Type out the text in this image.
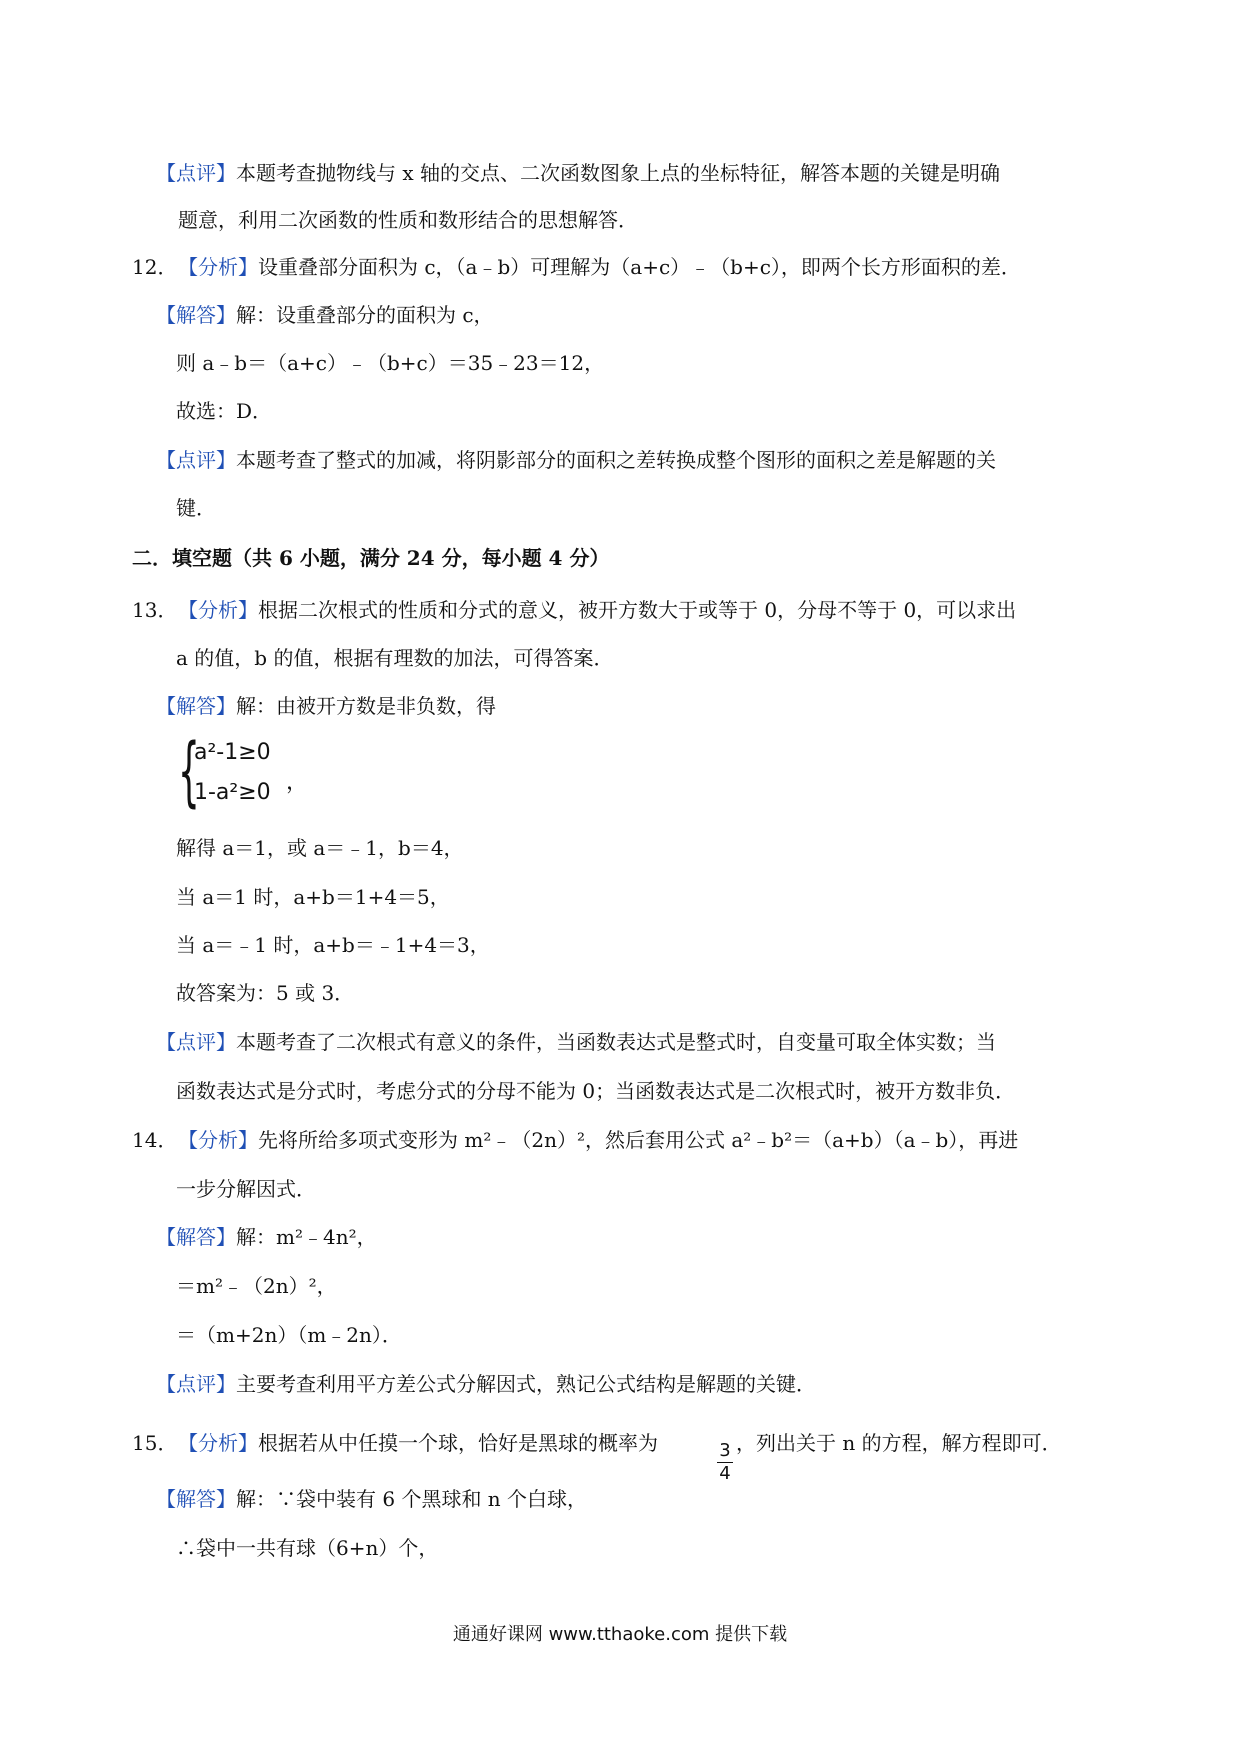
【点评】本题考查抛物线与 x 轴的交点、二次函数图象上点的坐标特征，解答本题的关键是明确
题意，利用二次函数的性质和数形结合的思想解答．
12． 【分析】设重叠部分面积为 c，（a﹣b）可理解为（a+c）﹣（b+c），即两个长方形面积的差．
【解答】解：设重叠部分的面积为 c，
则 a﹣b＝（a+c）﹣（b+c）＝35﹣23＝12，
故选：D．
【点评】本题考查了整式的加减，将阴影部分的面积之差转换成整个图形的面积之差是解题的关
键．
二．填空题（共 6 小题，满分 24 分，每小题 4 分）
13． 【分析】根据二次根式的性质和分式的意义，被开方数大于或等于 0，分母不等于 0，可以求出
a 的值，b 的值，根据有理数的加法，可得答案．
【解答】解：由被开方数是非负数，得
{
a²-1≥0
1-a²≥0 ，
解得 a＝1，或 a＝﹣1，b＝4，
当 a＝1 时，a+b＝1+4＝5，
当 a＝﹣1 时，a+b＝﹣1+4＝3，
故答案为：5 或 3．
【点评】本题考查了二次根式有意义的条件，当函数表达式是整式时，自变量可取全体实数；当
函数表达式是分式时，考虑分式的分母不能为 0；当函数表达式是二次根式时，被开方数非负．
14． 【分析】先将所给多项式变形为 m²﹣（2n）²，然后套用公式 a²﹣b²＝（a+b）（a﹣b），再进
一步分解因式．
【解答】解：m²﹣4n²，
＝m²﹣（2n）²，
＝（m+2n）（m﹣2n）．
【点评】主要考查利用平方差公式分解因式，熟记公式结构是解题的关键．
15． 【分析】根据若从中任摸一个球，恰好是黑球的概率为	3
4
，列出关于 n 的方程，解方程即可．
【解答】解：∵袋中装有 6 个黑球和 n 个白球，
∴袋中一共有球（6+n）个，
通通好课网 www.tthaoke.com 提供下载
